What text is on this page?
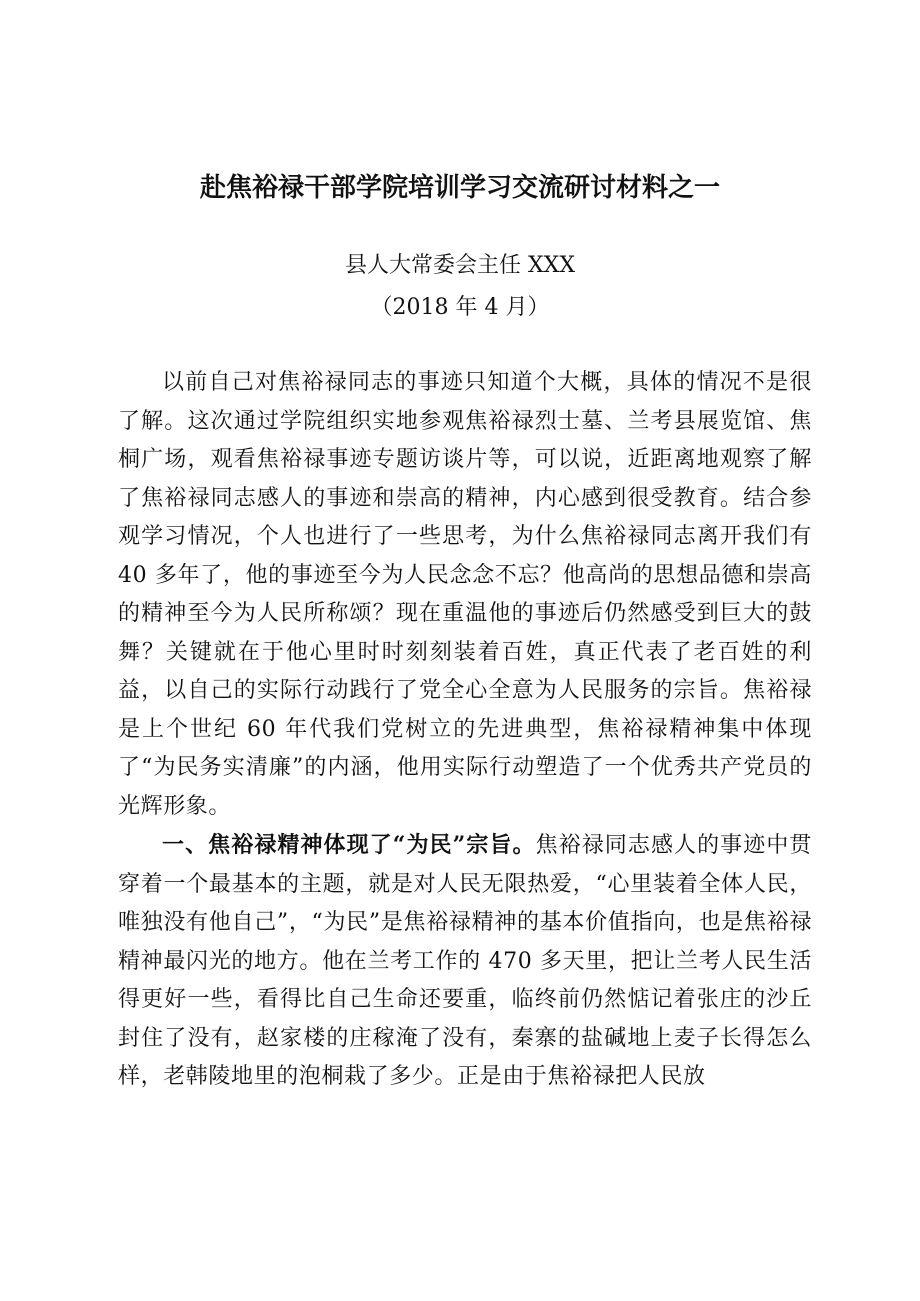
赴焦裕禄干部学院培训学习交流研讨材料之一
县人大常委会主任 XXX
（2018 年 4 月）

以前自己对焦裕禄同志的事迹只知道个大概，具体的情况不是很了解。这次通过学院组织实地参观焦裕禄烈士墓、兰考县展览馆、焦桐广场，观看焦裕禄事迹专题访谈片等，可以说，近距离地观察了解了焦裕禄同志感人的事迹和崇高的精神，内心感到很受教育。结合参观学习情况，个人也进行了一些思考，为什么焦裕禄同志离开我们有 40 多年了，他的事迹至今为人民念念不忘？他高尚的思想品德和崇高的精神至今为人民所称颂？现在重温他的事迹后仍然感受到巨大的鼓舞？关键就在于他心里时时刻刻装着百姓，真正代表了老百姓的利益，以自己的实际行动践行了党全心全意为人民服务的宗旨。焦裕禄是上个世纪 60 年代我们党树立的先进典型，焦裕禄精神集中体现了“为民务实清廉”的内涵，他用实际行动塑造了一个优秀共产党员的光辉形象。

一、焦裕禄精神体现了“为民”宗旨。焦裕禄同志感人的事迹中贯穿着一个最基本的主题，就是对人民无限热爱，“心里装着全体人民，唯独没有他自己”，“为民”是焦裕禄精神的基本价值指向，也是焦裕禄精神最闪光的地方。他在兰考工作的 470 多天里，把让兰考人民生活得更好一些，看得比自己生命还要重，临终前仍然惦记着张庄的沙丘封住了没有，赵家楼的庄稼淹了没有，秦寨的盐碱地上麦子长得怎么样，老韩陵地里的泡桐栽了多少。正是由于焦裕禄把人民放
